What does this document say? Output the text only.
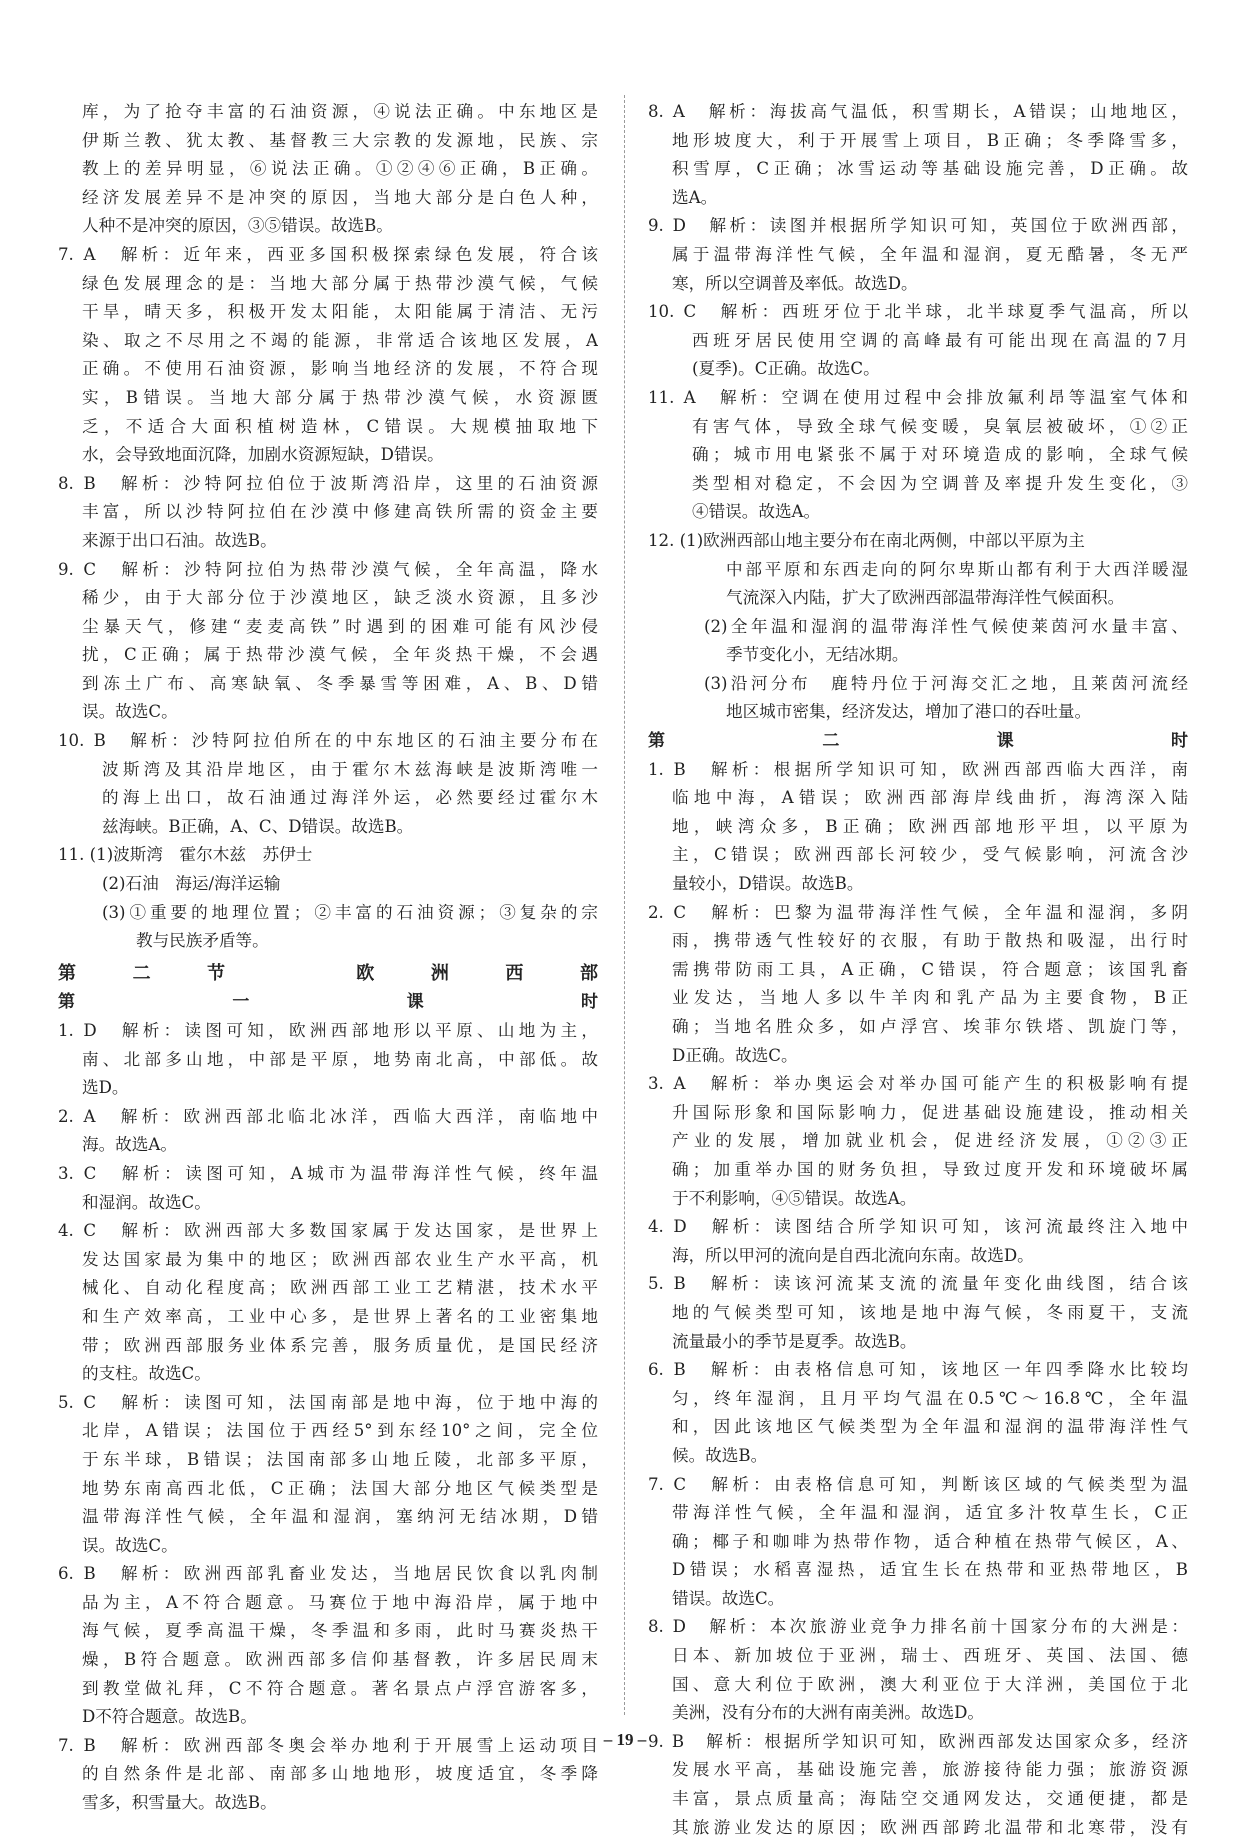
库，为了抢夺丰富的石油资源，④说法正确。中东地区是
伊斯兰教、犹太教、基督教三大宗教的发源地，民族、宗
教上的差异明显，⑥说法正确。①②④⑥正确，B正确。
经济发展差异不是冲突的原因，当地大部分是白色人种，
人种不是冲突的原因，③⑤错误。故选B。
7. A　解析：近年来，西亚多国积极探索绿色发展，符合该
绿色发展理念的是：当地大部分属于热带沙漠气候，气候
干旱，晴天多，积极开发太阳能，太阳能属于清洁、无污
染、取之不尽用之不竭的能源，非常适合该地区发展，A
正确。不使用石油资源，影响当地经济的发展，不符合现
实，B错误。当地大部分属于热带沙漠气候，水资源匮
乏，不适合大面积植树造林，C错误。大规模抽取地下
水，会导致地面沉降，加剧水资源短缺，D错误。
8. B　解析：沙特阿拉伯位于波斯湾沿岸，这里的石油资源
丰富，所以沙特阿拉伯在沙漠中修建高铁所需的资金主要
来源于出口石油。故选B。
9. C　解析：沙特阿拉伯为热带沙漠气候，全年高温，降水
稀少，由于大部分位于沙漠地区，缺乏淡水资源，且多沙
尘暴天气，修建“麦麦高铁”时遇到的困难可能有风沙侵
扰，C正确；属于热带沙漠气候，全年炎热干燥，不会遇
到冻土广布、高寒缺氧、冬季暴雪等困难，A、B、D错
误。故选C。
10. B　解析：沙特阿拉伯所在的中东地区的石油主要分布在
波斯湾及其沿岸地区，由于霍尔木兹海峡是波斯湾唯一
的海上出口，故石油通过海洋外运，必然要经过霍尔木
兹海峡。B正确，A、C、D错误。故选B。
11. (1)波斯湾　霍尔木兹　苏伊士
(2)石油　海运/海洋运输
(3)①重要的地理位置；②丰富的石油资源；③复杂的宗
教与民族矛盾等。
第二节　欧洲西部
第一课时
1. D　解析：读图可知，欧洲西部地形以平原、山地为主，
南、北部多山地，中部是平原，地势南北高，中部低。故
选D。
2. A　解析：欧洲西部北临北冰洋，西临大西洋，南临地中
海。故选A。
3. C　解析：读图可知，A城市为温带海洋性气候，终年温
和湿润。故选C。
4. C　解析：欧洲西部大多数国家属于发达国家，是世界上
发达国家最为集中的地区；欧洲西部农业生产水平高，机
械化、自动化程度高；欧洲西部工业工艺精湛，技术水平
和生产效率高，工业中心多，是世界上著名的工业密集地
带；欧洲西部服务业体系完善，服务质量优，是国民经济
的支柱。故选C。
5. C　解析：读图可知，法国南部是地中海，位于地中海的
北岸，A错误；法国位于西经5°到东经10°之间，完全位
于东半球，B错误；法国南部多山地丘陵，北部多平原，
地势东南高西北低，C正确；法国大部分地区气候类型是
温带海洋性气候，全年温和湿润，塞纳河无结冰期，D错
误。故选C。
6. B　解析：欧洲西部乳畜业发达，当地居民饮食以乳肉制
品为主，A不符合题意。马赛位于地中海沿岸，属于地中
海气候，夏季高温干燥，冬季温和多雨，此时马赛炎热干
燥，B符合题意。欧洲西部多信仰基督教，许多居民周末
到教堂做礼拜，C不符合题意。著名景点卢浮宫游客多，
D不符合题意。故选B。
7. B　解析：欧洲西部冬奥会举办地利于开展雪上运动项目
的自然条件是北部、南部多山地地形，坡度适宜，冬季降
雪多，积雪量大。故选B。
8. A　解析：海拔高气温低，积雪期长，A错误；山地地区，
地形坡度大，利于开展雪上项目，B正确；冬季降雪多，
积雪厚，C正确；冰雪运动等基础设施完善，D正确。故
选A。
9. D　解析：读图并根据所学知识可知，英国位于欧洲西部，
属于温带海洋性气候，全年温和湿润，夏无酷暑，冬无严
寒，所以空调普及率低。故选D。
10. C　解析：西班牙位于北半球，北半球夏季气温高，所以
西班牙居民使用空调的高峰最有可能出现在高温的7月
(夏季)。C正确。故选C。
11. A　解析：空调在使用过程中会排放氟利昂等温室气体和
有害气体，导致全球气候变暖，臭氧层被破坏，①②正
确；城市用电紧张不属于对环境造成的影响，全球气候
类型相对稳定，不会因为空调普及率提升发生变化，③
④错误。故选A。
12. (1)欧洲西部山地主要分布在南北两侧，中部以平原为主
中部平原和东西走向的阿尔卑斯山都有利于大西洋暖湿
气流深入内陆，扩大了欧洲西部温带海洋性气候面积。
(2)全年温和湿润的温带海洋性气候使莱茵河水量丰富、
季节变化小，无结冰期。
(3)沿河分布　鹿特丹位于河海交汇之地，且莱茵河流经
地区城市密集，经济发达，增加了港口的吞吐量。
第二课时
1. B　解析：根据所学知识可知，欧洲西部西临大西洋，南
临地中海，A错误；欧洲西部海岸线曲折，海湾深入陆
地，峡湾众多，B正确；欧洲西部地形平坦，以平原为
主，C错误；欧洲西部长河较少，受气候影响，河流含沙
量较小，D错误。故选B。
2. C　解析：巴黎为温带海洋性气候，全年温和湿润，多阴
雨，携带透气性较好的衣服，有助于散热和吸湿，出行时
需携带防雨工具，A正确，C错误，符合题意；该国乳畜
业发达，当地人多以牛羊肉和乳产品为主要食物，B正
确；当地名胜众多，如卢浮宫、埃菲尔铁塔、凯旋门等，
D正确。故选C。
3. A　解析：举办奥运会对举办国可能产生的积极影响有提
升国际形象和国际影响力，促进基础设施建设，推动相关
产业的发展，增加就业机会，促进经济发展，①②③正
确；加重举办国的财务负担，导致过度开发和环境破坏属
于不利影响，④⑤错误。故选A。
4. D　解析：读图结合所学知识可知，该河流最终注入地中
海，所以甲河的流向是自西北流向东南。故选D。
5. B　解析：读该河流某支流的流量年变化曲线图，结合该
地的气候类型可知，该地是地中海气候，冬雨夏干，支流
流量最小的季节是夏季。故选B。
6. B　解析：由表格信息可知，该地区一年四季降水比较均
匀，终年湿润，且月平均气温在0.5℃～16.8℃，全年温
和，因此该地区气候类型为全年温和湿润的温带海洋性气
候。故选B。
7. C　解析：由表格信息可知，判断该区域的气候类型为温
带海洋性气候，全年温和湿润，适宜多汁牧草生长，C正
确；椰子和咖啡为热带作物，适合种植在热带气候区，A、
D错误；水稻喜湿热，适宜生长在热带和亚热带地区，B
错误。故选C。
8. D　解析：本次旅游业竞争力排名前十国家分布的大洲是：
日本、新加坡位于亚洲，瑞士、西班牙、英国、法国、德
国、意大利位于欧洲，澳大利亚位于大洋洲，美国位于北
美洲，没有分布的大洲有南美洲。故选D。
9. B　解析：根据所学知识可知，欧洲西部发达国家众多，经济
发展水平高，基础设施完善，旅游接待能力强；旅游资源
丰富，景点质量高；海陆空交通网发达，交通便捷，都是
其旅游业发达的原因；欧洲西部跨北温带和北寒带，没有
– 19 –
